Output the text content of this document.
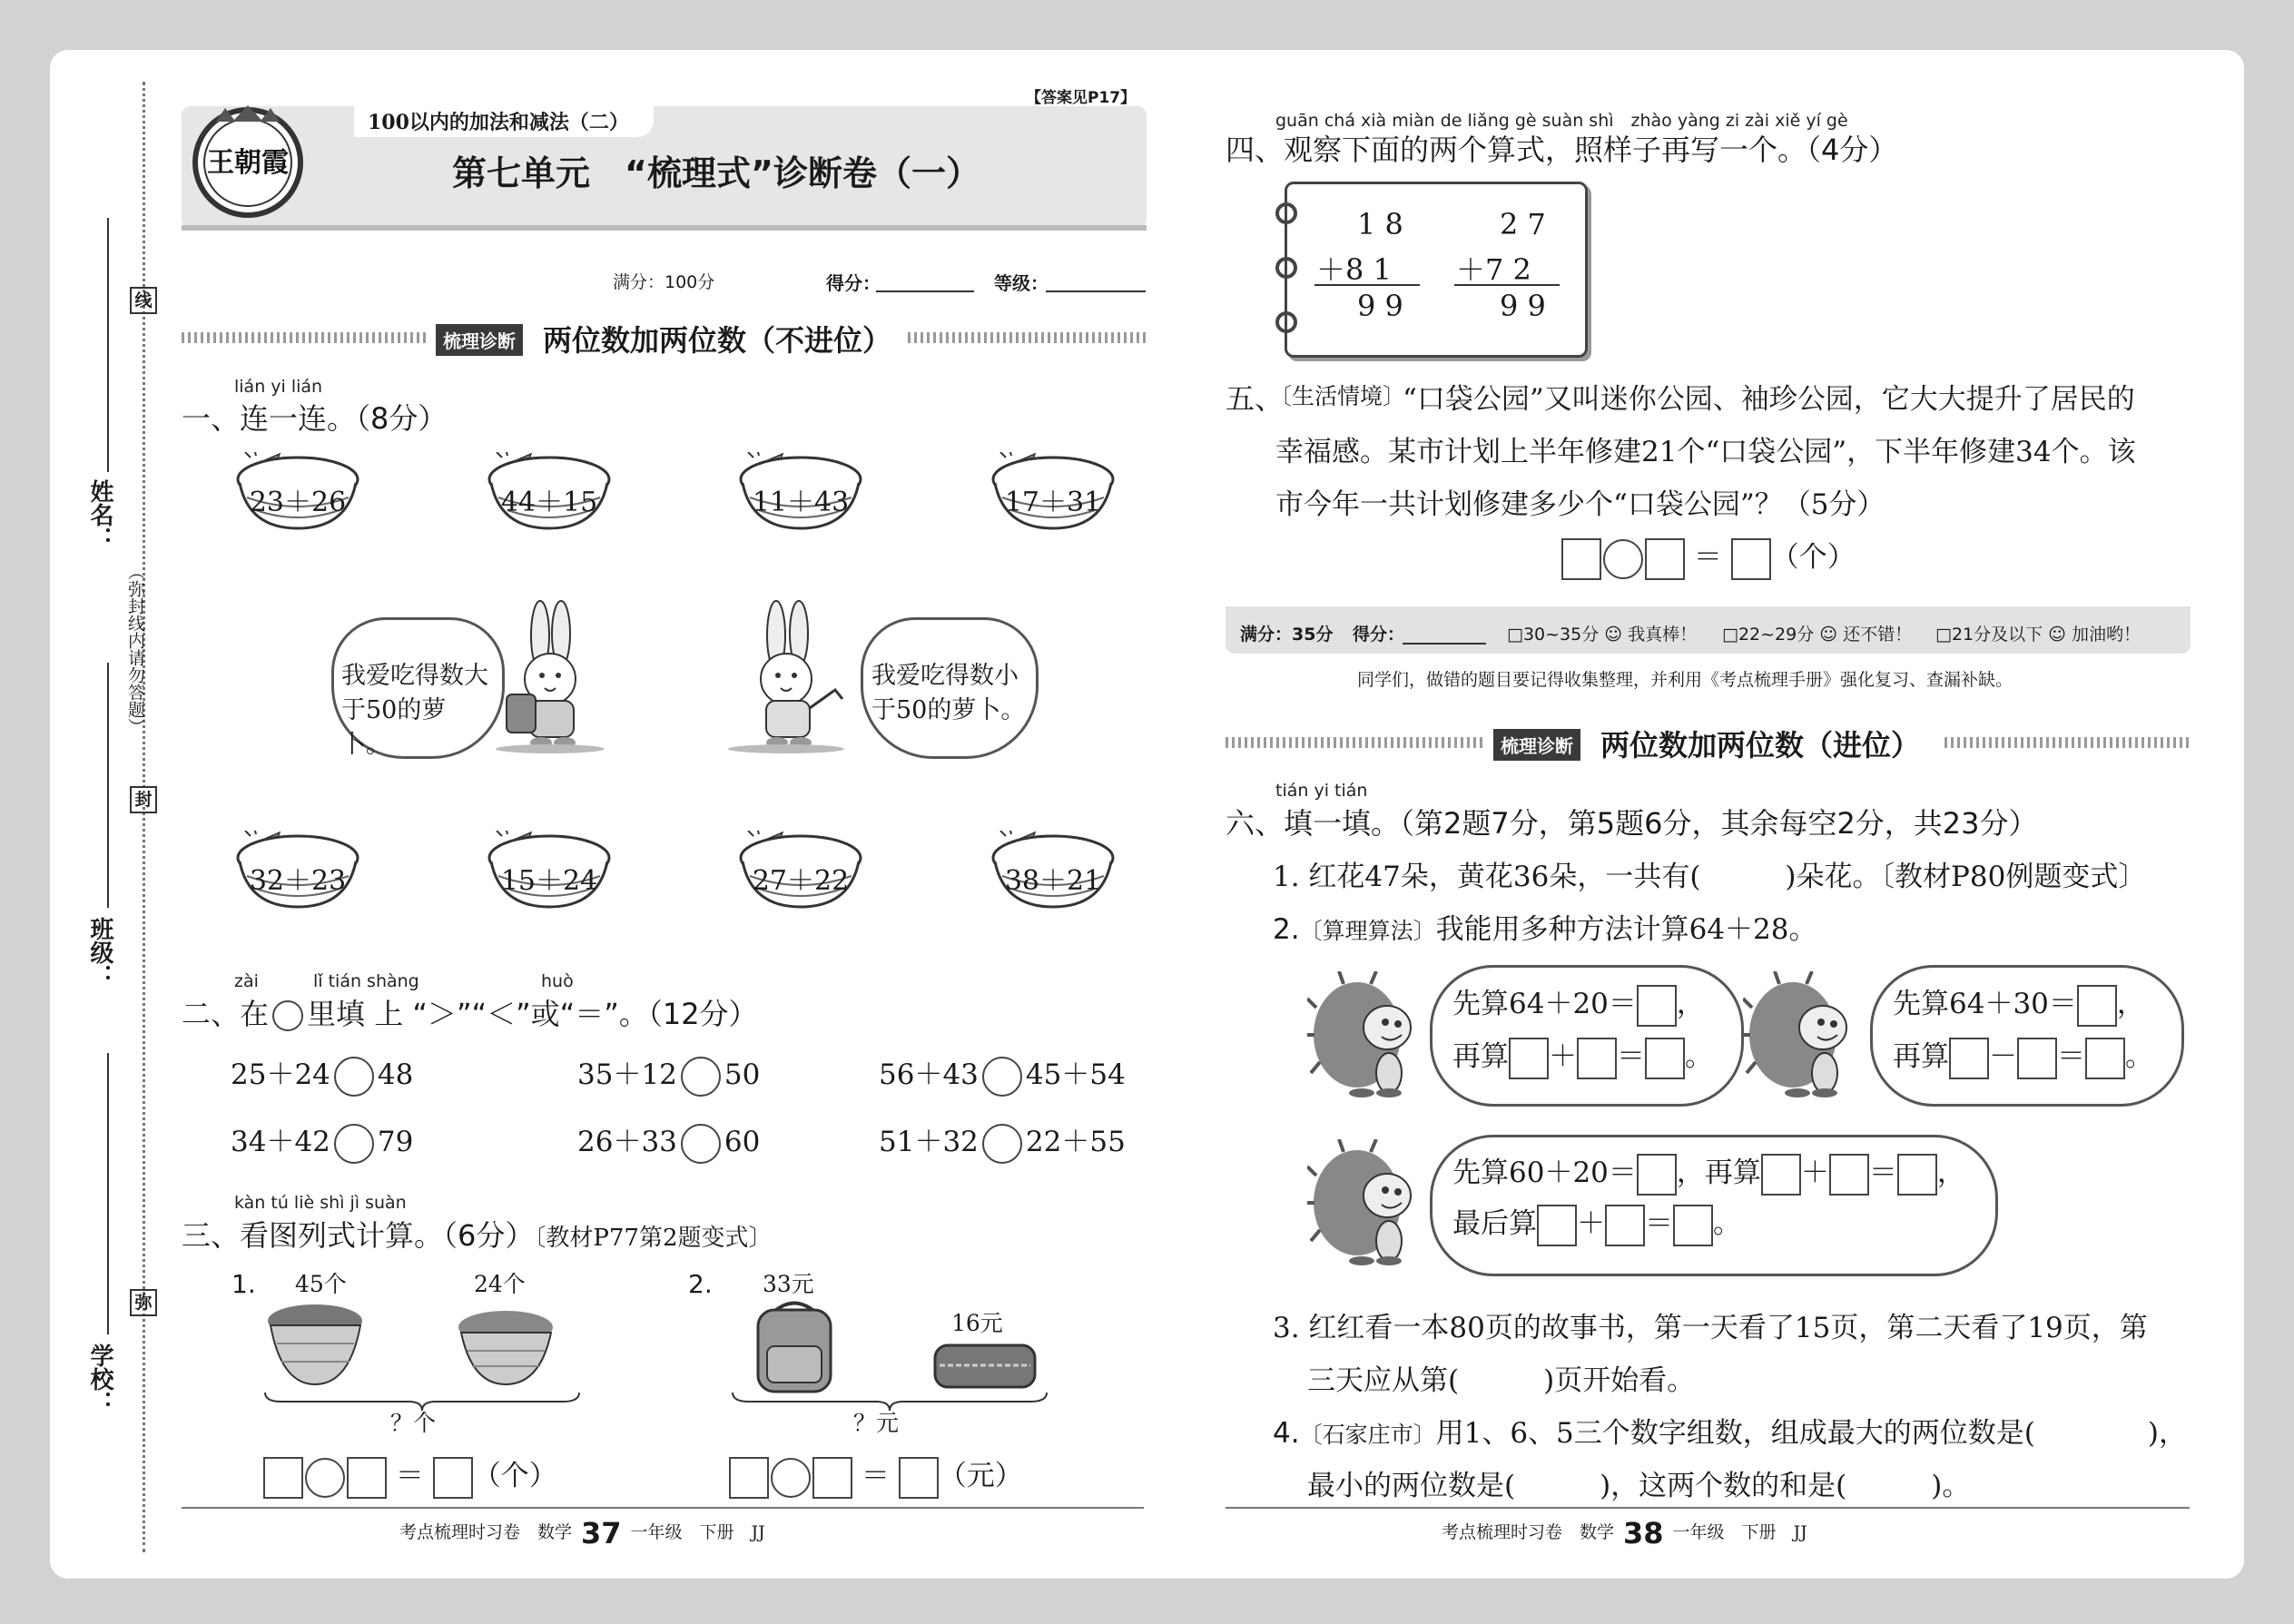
姓名：
班级：
学校：
（弥封线内请勿答题）
线
封
弥
100以内的加法和减法（二）
【答案见P17】
王朝霞	第七单元　“梳理式”诊断卷（一）
满分：100分	得分：	等级：
梳理诊断 两位数加两位数（不进位）
lián yi lián
一、连一连。（8分）
23＋26	44＋15	11＋43	17＋31
32＋23	15＋24	27＋22	38＋21
我爱吃得数大于50的萝卜。
我爱吃得数小于50的萝卜。
zài	lǐ tián shàng	huò
二、在 里填 上 “＞”“＜”或“＝”。（12分）
25＋24 48	35＋12 50	56＋43 45＋54
34＋42 79	26＋33 60	51＋32 22＋55
kàn tú liè shì jì suàn
三、看图列式计算。（6分）〔教材P77第2题变式〕
1. 45个	24个
？个
＝ （个）
2. 33元
16元
？元
＝ （元）
考点梳理时习卷　数学 37 一年级　下册　JJ
guān chá xià miàn de liǎng gè suàn shì　zhào yàng zi zài xiě yí gè
四、观察下面的两个算式，照样子再写一个。（4分）
1 8
＋8 1
9 9
2 7
＋7 2
9 9
五、
〔生活情境〕
“口袋公园”又叫迷你公园、袖珍公园，它大大提升了居民的
幸福感。某市计划上半年修建21个“口袋公园”，下半年修建34个。该
市今年一共计划修建多少个“口袋公园”？（5分）
＝ （个）
满分：35分 得分：	□30~35分 ☺ 我真棒！ □22~29分 ☺ 还不错！ □21分及以下 ☺ 加油哟！
同学们，做错的题目要记得收集整理，并利用《考点梳理手册》强化复习、查漏补缺。
梳理诊断 两位数加两位数（进位）
tián yi tián
六、填一填。（第2题7分，第5题6分，其余每空2分，共23分）
1. 红花47朵，黄花36朵，一共有(　　　)朵花。〔教材P80例题变式〕
2.〔算理算法〕我能用多种方法计算64＋28。
先算64＋20＝ ，
再算 ＋ ＝ 。
先算64＋30＝ ，
再算 － ＝ 。
先算60＋20＝ ，再算 ＋ ＝ ，
最后算 ＋ ＝ 。
3. 红红看一本80页的故事书，第一天看了15页，第二天看了19页，第
三天应从第(　　　)页开始看。
4.〔石家庄市〕用1、6、5三个数字组数，组成最大的两位数是(　　　　)，
最小的两位数是(　　　)，这两个数的和是(　　　)。
考点梳理时习卷　数学 38 一年级　下册　JJ
